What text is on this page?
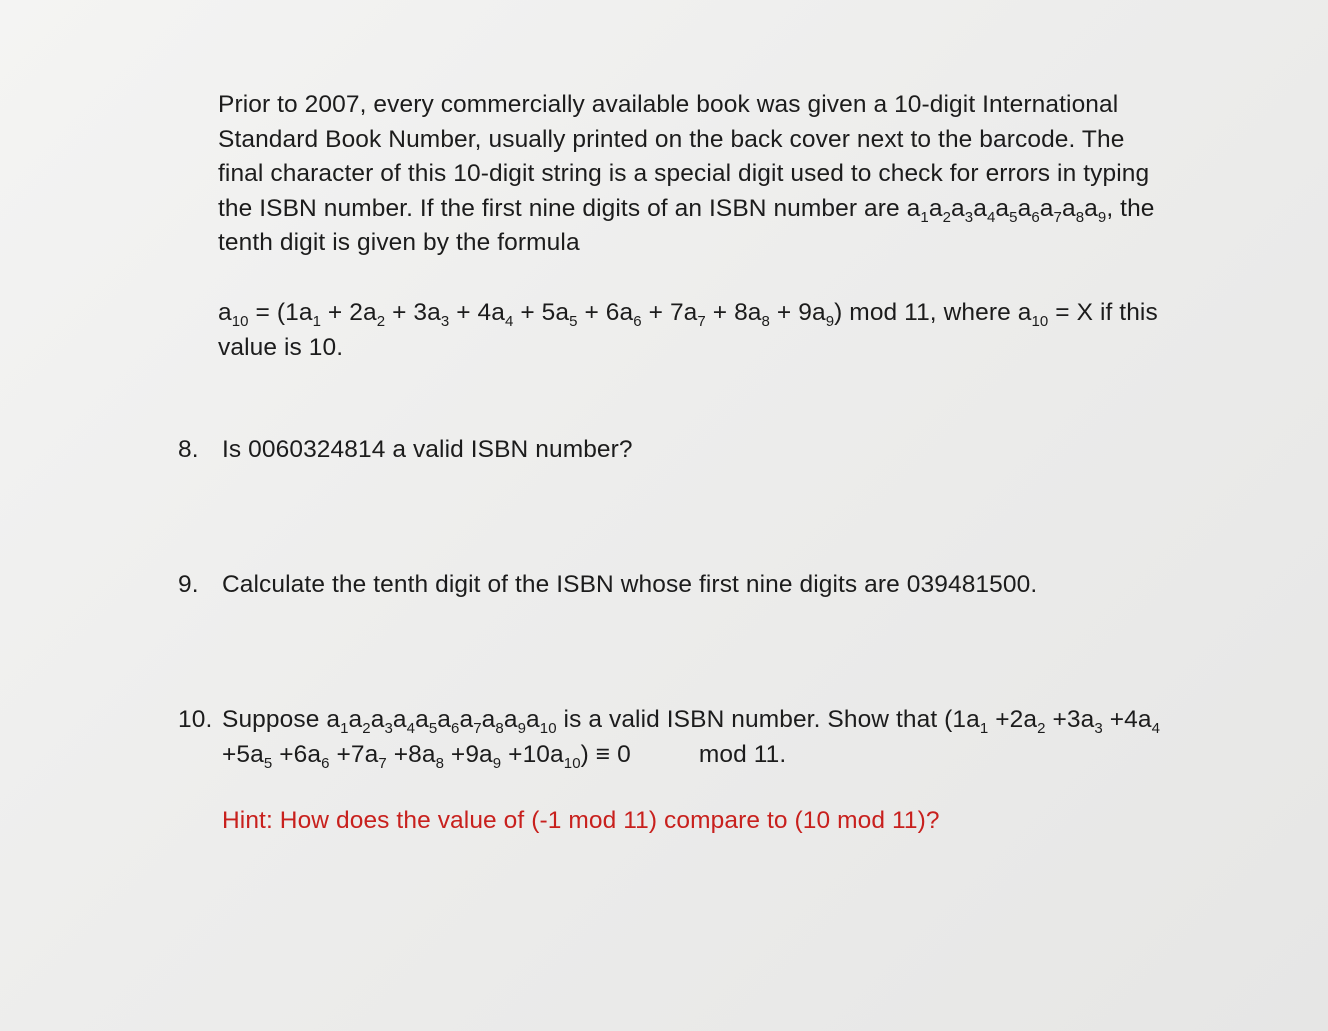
Prior to 2007, every commercially available book was given a 10-digit International
Standard Book Number, usually printed on the back cover next to the barcode. The
final character of this 10-digit string is a special digit used to check for errors in typing
the ISBN number. If the first nine digits of an ISBN number are $a_1a_2a_3a_4a_5a_6a_7a_8a_9$, the
tenth digit is given by the formula
$a_{10} = (1a_1 + 2a_2 + 3a_3 + 4a_4 + 5a_5 + 6a_6 + 7a_7 + 8a_8 + 9a_9)$ mod 11, where $a_{10} = X$ if this
value is 10.
8. Is 0060324814 a valid ISBN number?
9. Calculate the tenth digit of the ISBN whose first nine digits are 039481500.
10. Suppose $a_1a_2a_3a_4a_5a_6a_7a_8a_9a_{10}$ is a valid ISBN number. Show that ($1a_1 +2a_2 +3a_3 +4a_4$
$+5a_5 +6a_6 +7a_7 +8a_8 +9a_9 +10a_{10}) \equiv 0$	mod 11.
Hint: How does the value of (-1 mod 11) compare to (10 mod 11)?
